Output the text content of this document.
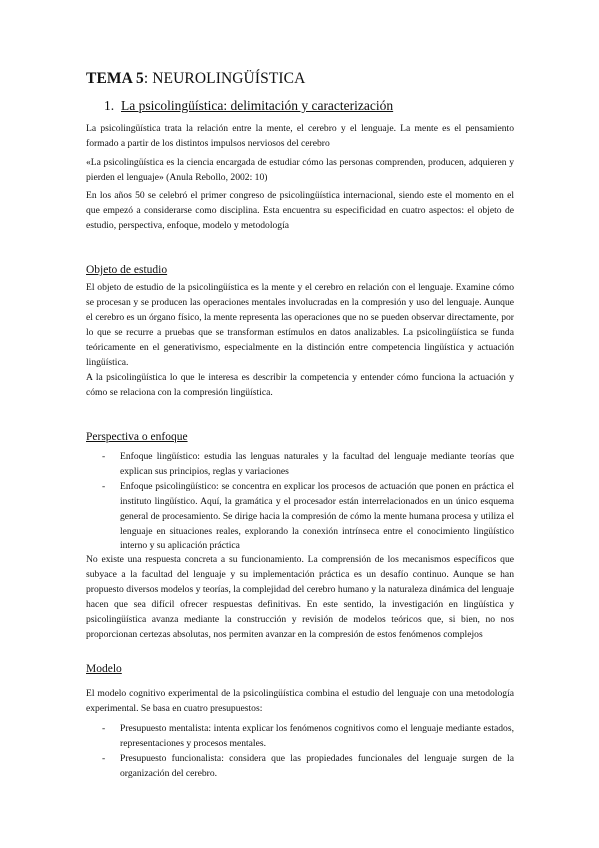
TEMA 5: NEUROLINGÜÍSTICA
1. La psicolingüística: delimitación y caracterización
La psicolingüística trata la relación entre la mente, el cerebro y el lenguaje. La mente es el pensamiento formado a partir de los distintos impulsos nerviosos del cerebro
«La psicolingüística es la ciencia encargada de estudiar cómo las personas comprenden, producen, adquieren y pierden el lenguaje» (Anula Rebollo, 2002: 10)
En los años 50 se celebró el primer congreso de psicolingüística internacional, siendo este el momento en el que empezó a considerarse como disciplina. Esta encuentra su especificidad en cuatro aspectos: el objeto de estudio, perspectiva, enfoque, modelo y metodología
Objeto de estudio
El objeto de estudio de la psicolingüística es la mente y el cerebro en relación con el lenguaje. Examine cómo se procesan y se producen las operaciones mentales involucradas en la compresión y uso del lenguaje. Aunque el cerebro es un órgano físico, la mente representa las operaciones que no se pueden observar directamente, por lo que se recurre a pruebas que se transforman estímulos en datos analizables. La psicolingüística se funda teóricamente en el generativismo, especialmente en la distinción entre competencia lingüística y actuación lingüística.
A la psicolingüística lo que le interesa es describir la competencia y entender cómo funciona la actuación y cómo se relaciona con la compresión lingüística.
Perspectiva o enfoque
- Enfoque lingüístico: estudia las lenguas naturales y la facultad del lenguaje mediante teorías que explican sus principios, reglas y variaciones
- Enfoque psicolingüístico: se concentra en explicar los procesos de actuación que ponen en práctica el instituto lingüístico. Aquí, la gramática y el procesador están interrelacionados en un único esquema general de procesamiento. Se dirige hacia la compresión de cómo la mente humana procesa y utiliza el lenguaje en situaciones reales, explorando la conexión intrínseca entre el conocimiento lingüístico interno y su aplicación práctica
No existe una respuesta concreta a su funcionamiento. La comprensión de los mecanismos específicos que subyace a la facultad del lenguaje y su implementación práctica es un desafío continuo. Aunque se han propuesto diversos modelos y teorías, la complejidad del cerebro humano y la naturaleza dinámica del lenguaje hacen que sea difícil ofrecer respuestas definitivas. En este sentido, la investigación en lingüística y psicolingüística avanza mediante la construcción y revisión de modelos teóricos que, si bien, no nos proporcionan certezas absolutas, nos permiten avanzar en la compresión de estos fenómenos complejos
Modelo
El modelo cognitivo experimental de la psicolingüística combina el estudio del lenguaje con una metodología experimental. Se basa en cuatro presupuestos:
- Presupuesto mentalista: intenta explicar los fenómenos cognitivos como el lenguaje mediante estados, representaciones y procesos mentales.
- Presupuesto funcionalista: considera que las propiedades funcionales del lenguaje surgen de la organización del cerebro.
